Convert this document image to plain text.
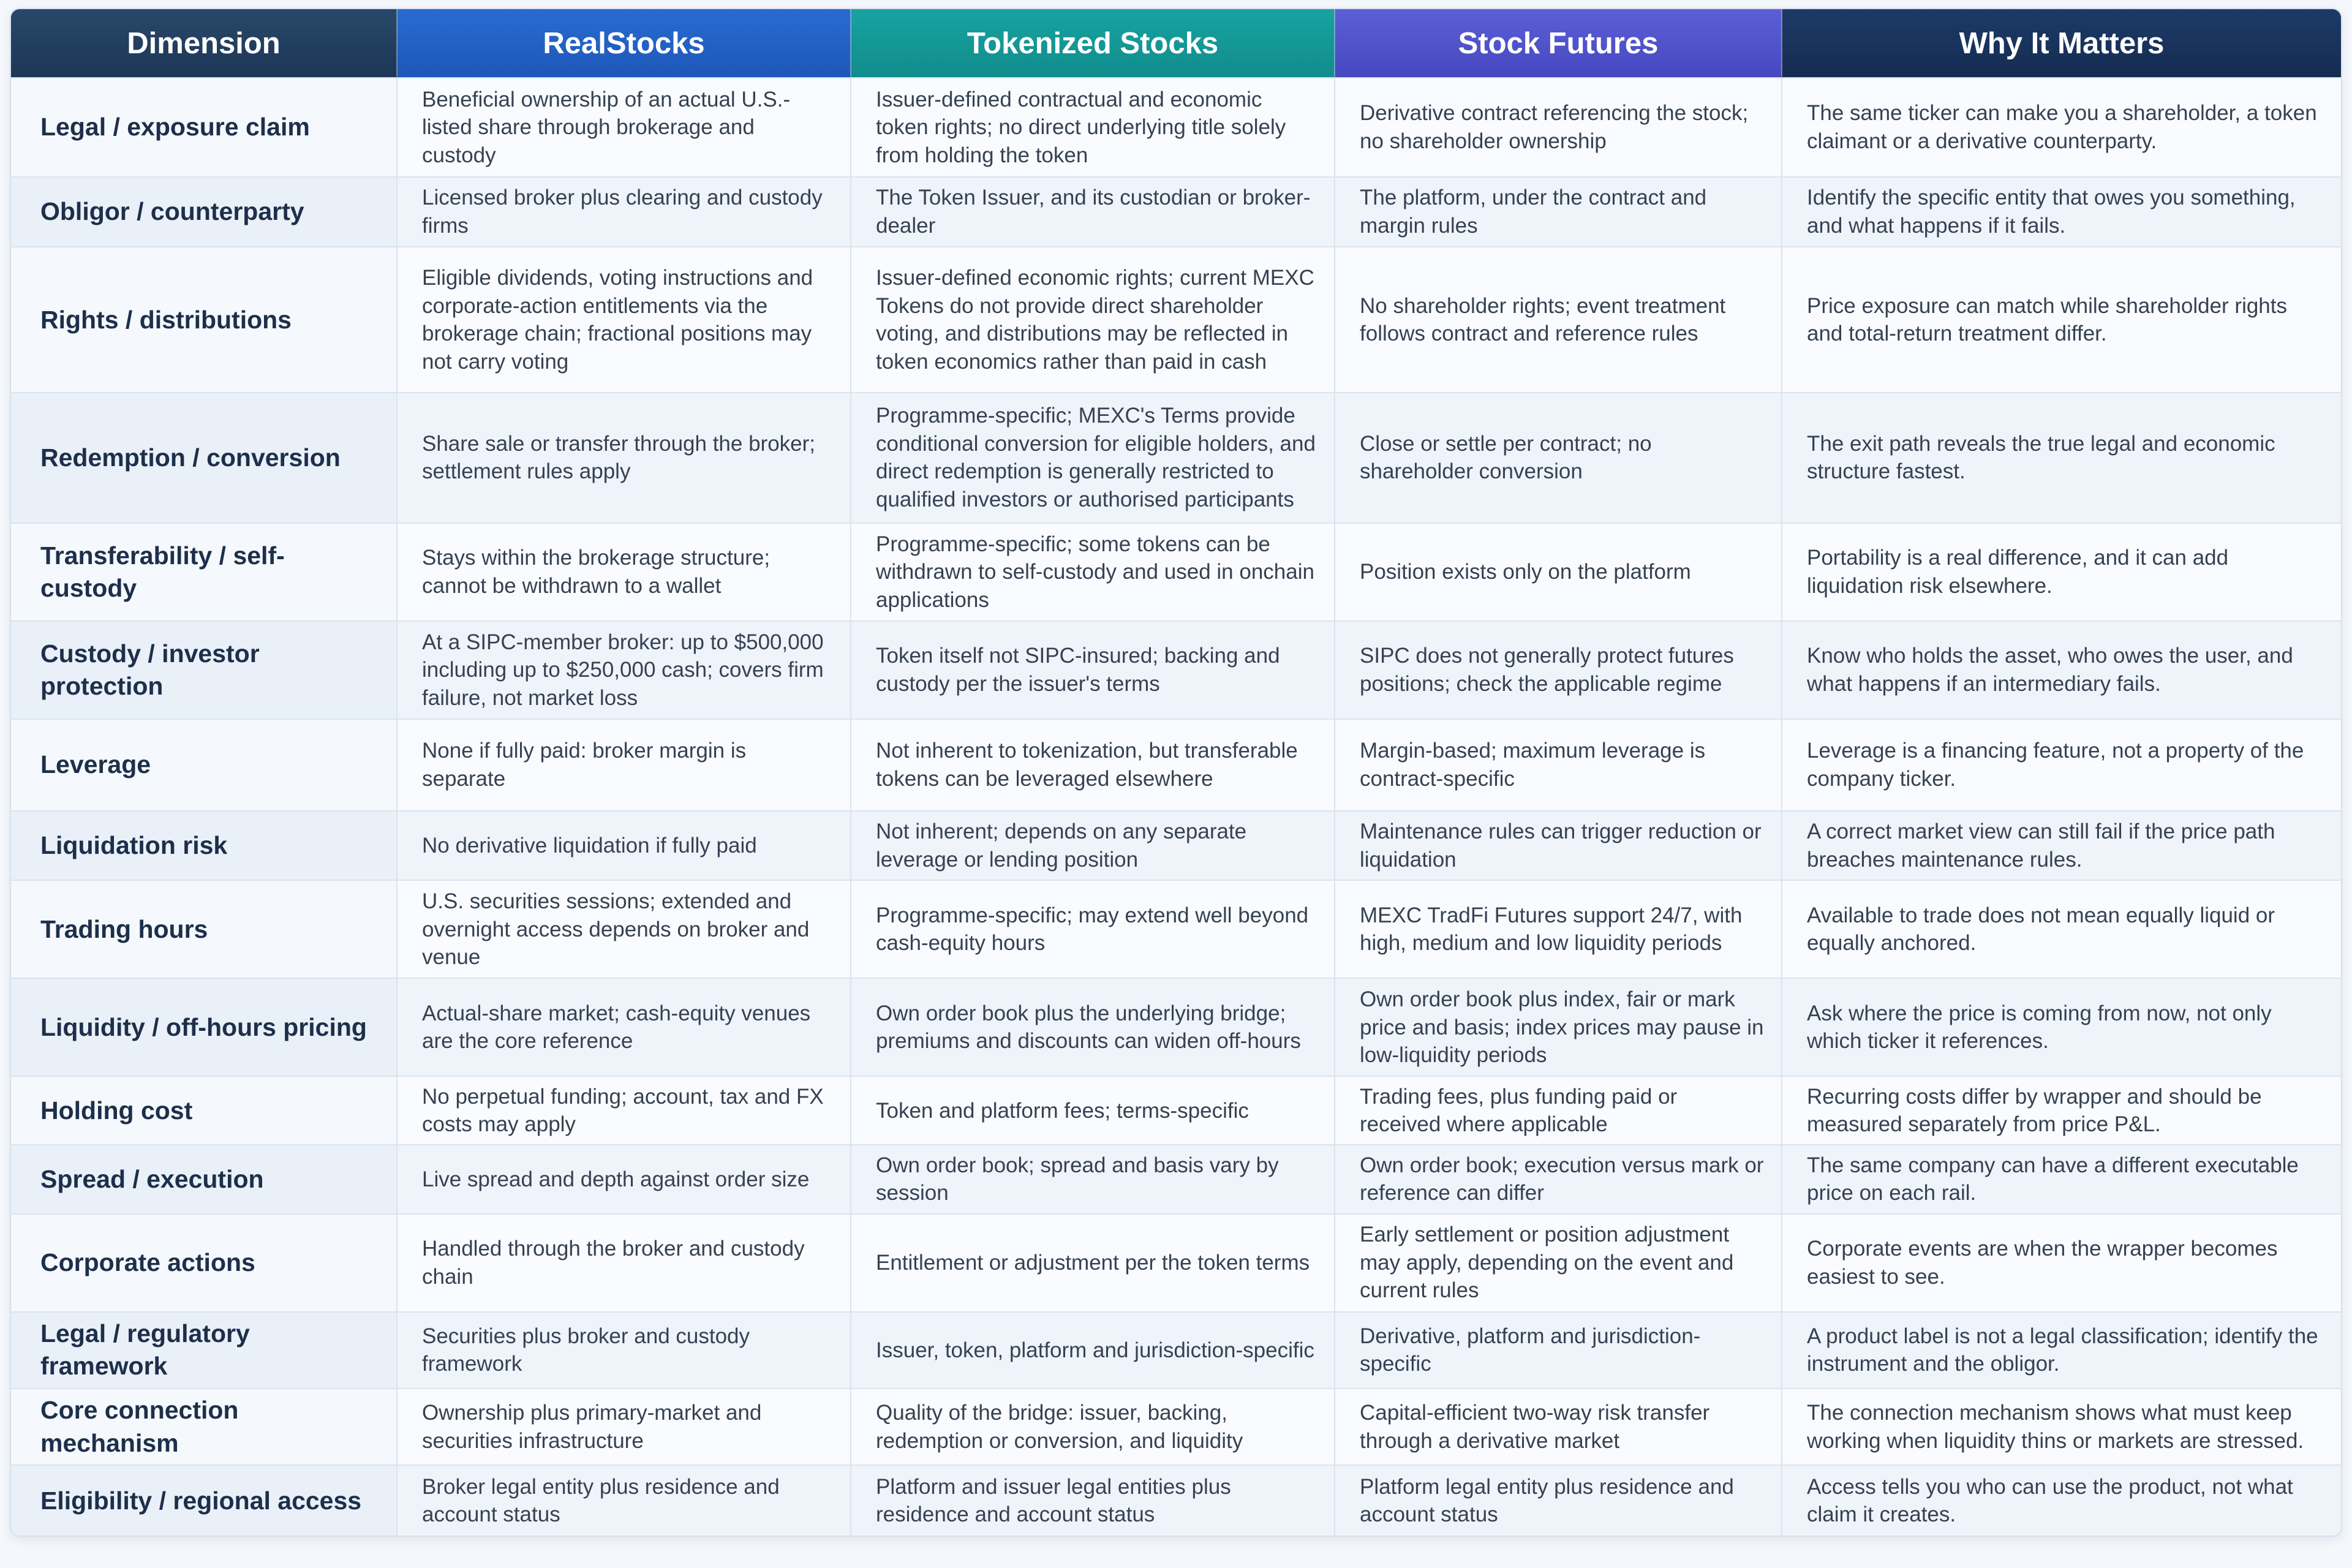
Dimension	RealStocks	Tokenized Stocks	Stock Futures	Why It Matters
Legal / exposure claim	Beneficial ownership of an actual U.S.-listed share through brokerage and custody	Issuer-defined contractual and economic token rights; no direct underlying title solely from holding the token	Derivative contract referencing the stock; no shareholder ownership	The same ticker can make you a shareholder, a token claimant or a derivative counterparty.
Obligor / counterparty	Licensed broker plus clearing and custody firms	The Token Issuer, and its custodian or broker-dealer	The platform, under the contract and margin rules	Identify the specific entity that owes you something, and what happens if it fails.
Rights / distributions	Eligible dividends, voting instructions and corporate-action entitlements via the brokerage chain; fractional positions may not carry voting	Issuer-defined economic rights; current MEXC Tokens do not provide direct shareholder voting, and distributions may be reflected in token economics rather than paid in cash	No shareholder rights; event treatment follows contract and reference rules	Price exposure can match while shareholder rights and total-return treatment differ.
Redemption / conversion	Share sale or transfer through the broker; settlement rules apply	Programme-specific; MEXC's Terms provide conditional conversion for eligible holders, and direct redemption is generally restricted to qualified investors or authorised participants	Close or settle per contract; no shareholder conversion	The exit path reveals the true legal and economic structure fastest.
Transferability / self-custody	Stays within the brokerage structure; cannot be withdrawn to a wallet	Programme-specific; some tokens can be withdrawn to self-custody and used in onchain applications	Position exists only on the platform	Portability is a real difference, and it can add liquidation risk elsewhere.
Custody / investor protection	At a SIPC-member broker: up to $500,000 including up to $250,000 cash; covers firm failure, not market loss	Token itself not SIPC-insured; backing and custody per the issuer's terms	SIPC does not generally protect futures positions; check the applicable regime	Know who holds the asset, who owes the user, and what happens if an intermediary fails.
Leverage	None if fully paid: broker margin is separate	Not inherent to tokenization, but transferable tokens can be leveraged elsewhere	Margin-based; maximum leverage is contract-specific	Leverage is a financing feature, not a property of the company ticker.
Liquidation risk	No derivative liquidation if fully paid	Not inherent; depends on any separate leverage or lending position	Maintenance rules can trigger reduction or liquidation	A correct market view can still fail if the price path breaches maintenance rules.
Trading hours	U.S. securities sessions; extended and overnight access depends on broker and venue	Programme-specific; may extend well beyond cash-equity hours	MEXC TradFi Futures support 24/7, with high, medium and low liquidity periods	Available to trade does not mean equally liquid or equally anchored.
Liquidity / off-hours pricing	Actual-share market; cash-equity venues are the core reference	Own order book plus the underlying bridge; premiums and discounts can widen off-hours	Own order book plus index, fair or mark price and basis; index prices may pause in low-liquidity periods	Ask where the price is coming from now, not only which ticker it references.
Holding cost	No perpetual funding; account, tax and FX costs may apply	Token and platform fees; terms-specific	Trading fees, plus funding paid or received where applicable	Recurring costs differ by wrapper and should be measured separately from price P&L.
Spread / execution	Live spread and depth against order size	Own order book; spread and basis vary by session	Own order book; execution versus mark or reference can differ	The same company can have a different executable price on each rail.
Corporate actions	Handled through the broker and custody chain	Entitlement or adjustment per the token terms	Early settlement or position adjustment may apply, depending on the event and current rules	Corporate events are when the wrapper becomes easiest to see.
Legal / regulatory framework	Securities plus broker and custody framework	Issuer, token, platform and jurisdiction-specific	Derivative, platform and jurisdiction-specific	A product label is not a legal classification; identify the instrument and the obligor.
Core connection mechanism	Ownership plus primary-market and securities infrastructure	Quality of the bridge: issuer, backing, redemption or conversion, and liquidity	Capital-efficient two-way risk transfer through a derivative market	The connection mechanism shows what must keep working when liquidity thins or markets are stressed.
Eligibility / regional access	Broker legal entity plus residence and account status	Platform and issuer legal entities plus residence and account status	Platform legal entity plus residence and account status	Access tells you who can use the product, not what claim it creates.
